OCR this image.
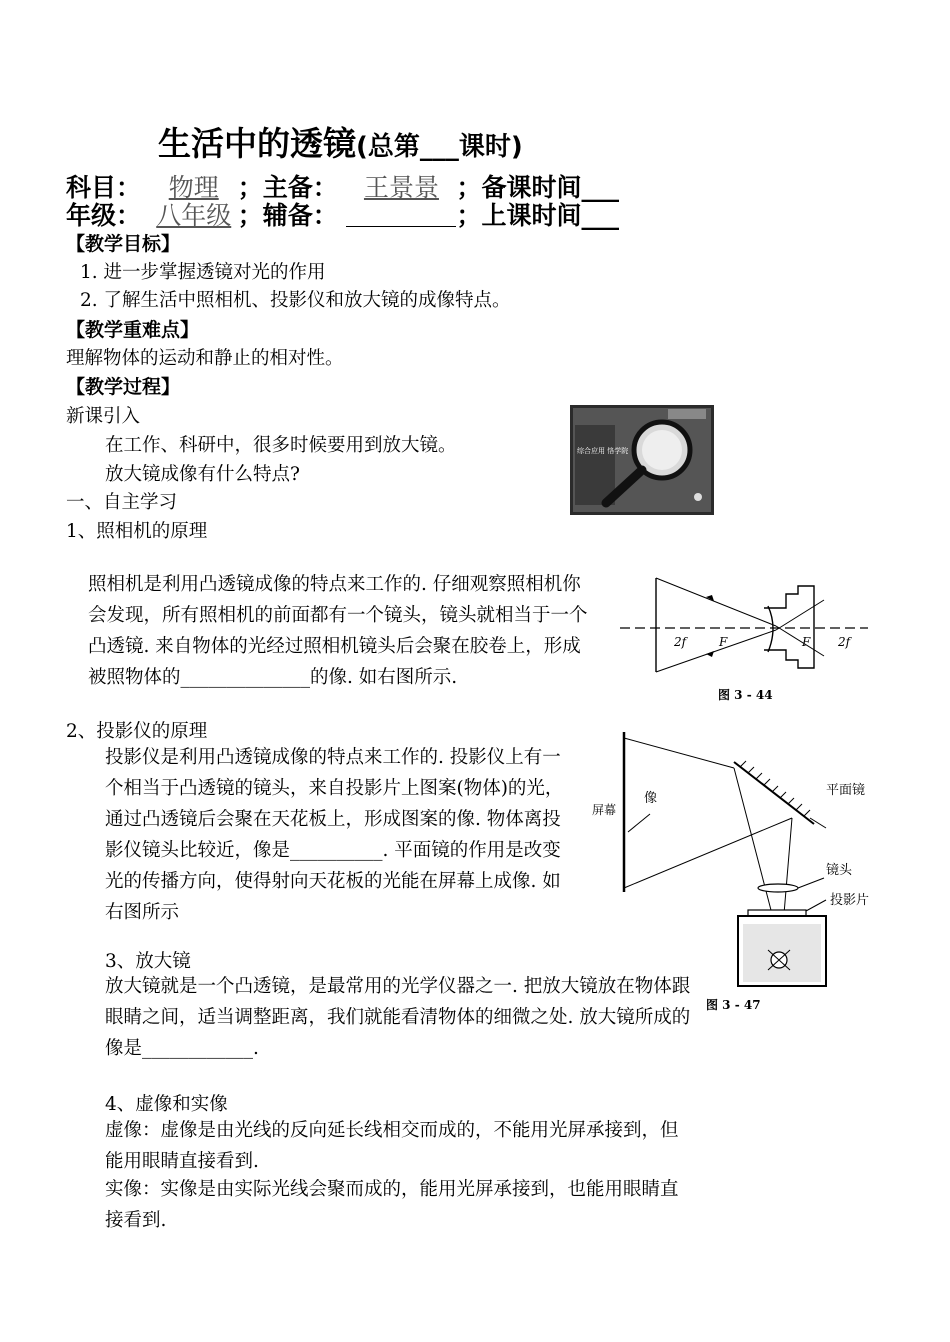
生活中的透镜(总第___课时)
科目： 物理 ；主备： 王景景 ；备课时间___
年级： 八年级 ；辅备：	；上课时间___
【教学目标】
1. 进一步掌握透镜对光的作用
2. 了解生活中照相机、投影仪和放大镜的成像特点。
【教学重难点】
理解物体的运动和静止的相对性。
【教学过程】
新课引入
在工作、科研中，很多时候要用到放大镜。
放大镜成像有什么特点?
综合应用 恪学院
一、自主学习
1、照相机的原理
照相机是利用凸透镜成像的特点来工作的. 仔细观察照相机你会发现，所有照相机的前面都有一个镜头，镜头就相当于一个凸透镜. 来自物体的光经过照相机镜头后会聚在胶卷上，形成被照物体的______________的像. 如右图所示.
2f	F	F 2f
图 3 - 44
2、投影仪的原理
投影仪是利用凸透镜成像的特点来工作的. 投影仪上有一个相当于凸透镜的镜头，来自投影片上图案(物体)的光，通过凸透镜后会聚在天花板上，形成图案的像. 物体离投影仪镜头比较近，像是__________. 平面镜的作用是改变光的传播方向，使得射向天花板的光能在屏幕上成像. 如右图所示
屏幕
像
平面镜
镜头
投影片
图 3 - 47
3、放大镜
放大镜就是一个凸透镜，是最常用的光学仪器之一. 把放大镜放在物体跟眼睛之间，适当调整距离，我们就能看清物体的细微之处. 放大镜所成的像是____________.
4、虚像和实像
虚像：虚像是由光线的反向延长线相交而成的，不能用光屏承接到，但能用眼睛直接看到.
实像：实像是由实际光线会聚而成的，能用光屏承接到，也能用眼睛直接看到.
